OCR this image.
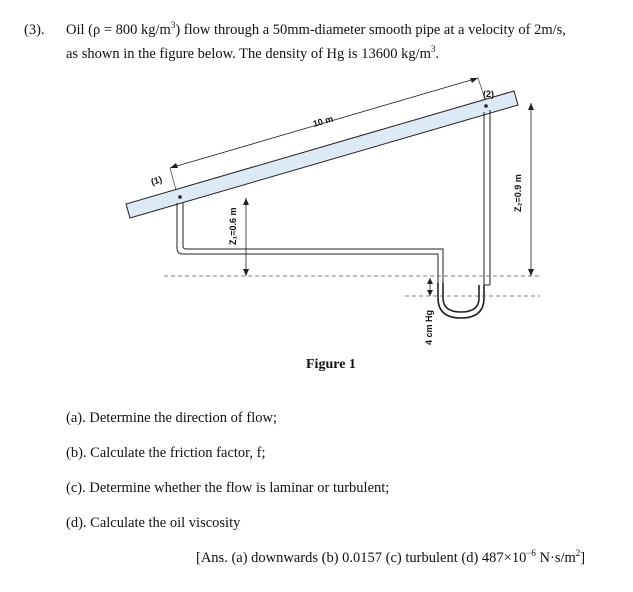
(3). Oil (ρ = 800 $kg/m^3$) flow through a 50mm-diameter smooth pipe at a velocity of 2m/s,
as shown in the figure below. The density of Hg is 13600 $kg/m^3$.
(1)
(2)
10 m
Z₁=0.6 m
Z₂=0.9 m
4 cm Hg
Figure 1
(a). Determine the direction of flow;
(b). Calculate the friction factor, f;
(c). Determine whether the flow is laminar or turbulent;
(d). Calculate the oil viscosity
[Ans. (a) downwards (b) 0.0157 (c) turbulent (d) $487\times 10^{-6}$ $N\cdot s/m^2$]
